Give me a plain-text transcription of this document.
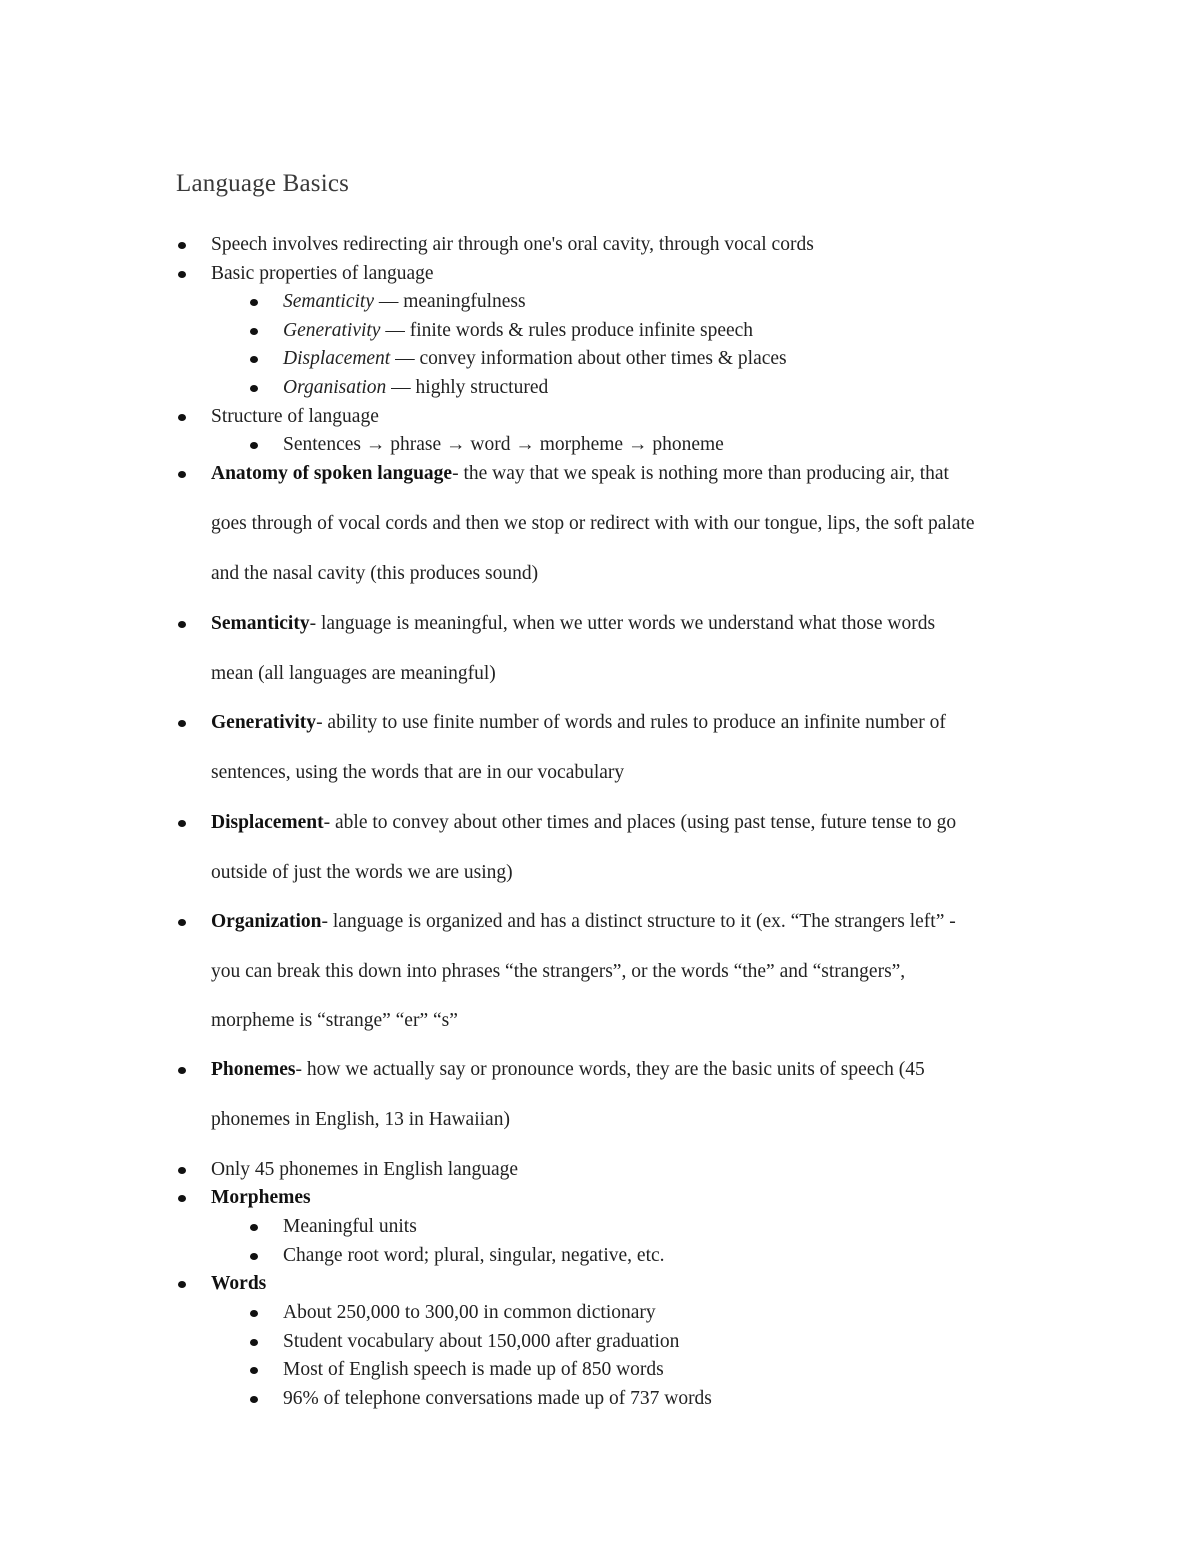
Language Basics
Speech involves redirecting air through one's oral cavity, through vocal cords
Basic properties of language
Semanticity — meaningfulness
Generativity — finite words & rules produce infinite speech
Displacement — convey information about other times & places
Organisation — highly structured
Structure of language
Sentences → phrase → word → morpheme → phoneme
Anatomy of spoken language- the way that we speak is nothing more than producing air, that
goes through of vocal cords and then we stop or redirect with with our tongue, lips, the soft palate
and the nasal cavity (this produces sound)
Semanticity- language is meaningful, when we utter words we understand what those words
mean (all languages are meaningful)
Generativity- ability to use finite number of words and rules to produce an infinite number of
sentences, using the words that are in our vocabulary
Displacement- able to convey about other times and places (using past tense, future tense to go
outside of just the words we are using)
Organization- language is organized and has a distinct structure to it (ex. “The strangers left” -
you can break this down into phrases “the strangers”, or the words “the” and “strangers”,
morpheme is “strange” “er” “s”
Phonemes- how we actually say or pronounce words, they are the basic units of speech (45
phonemes in English, 13 in Hawaiian)
Only 45 phonemes in English language
Morphemes
Meaningful units
Change root word; plural, singular, negative, etc.
Words
About 250,000 to 300,00 in common dictionary
Student vocabulary about 150,000 after graduation
Most of English speech is made up of 850 words
96% of telephone conversations made up of 737 words
